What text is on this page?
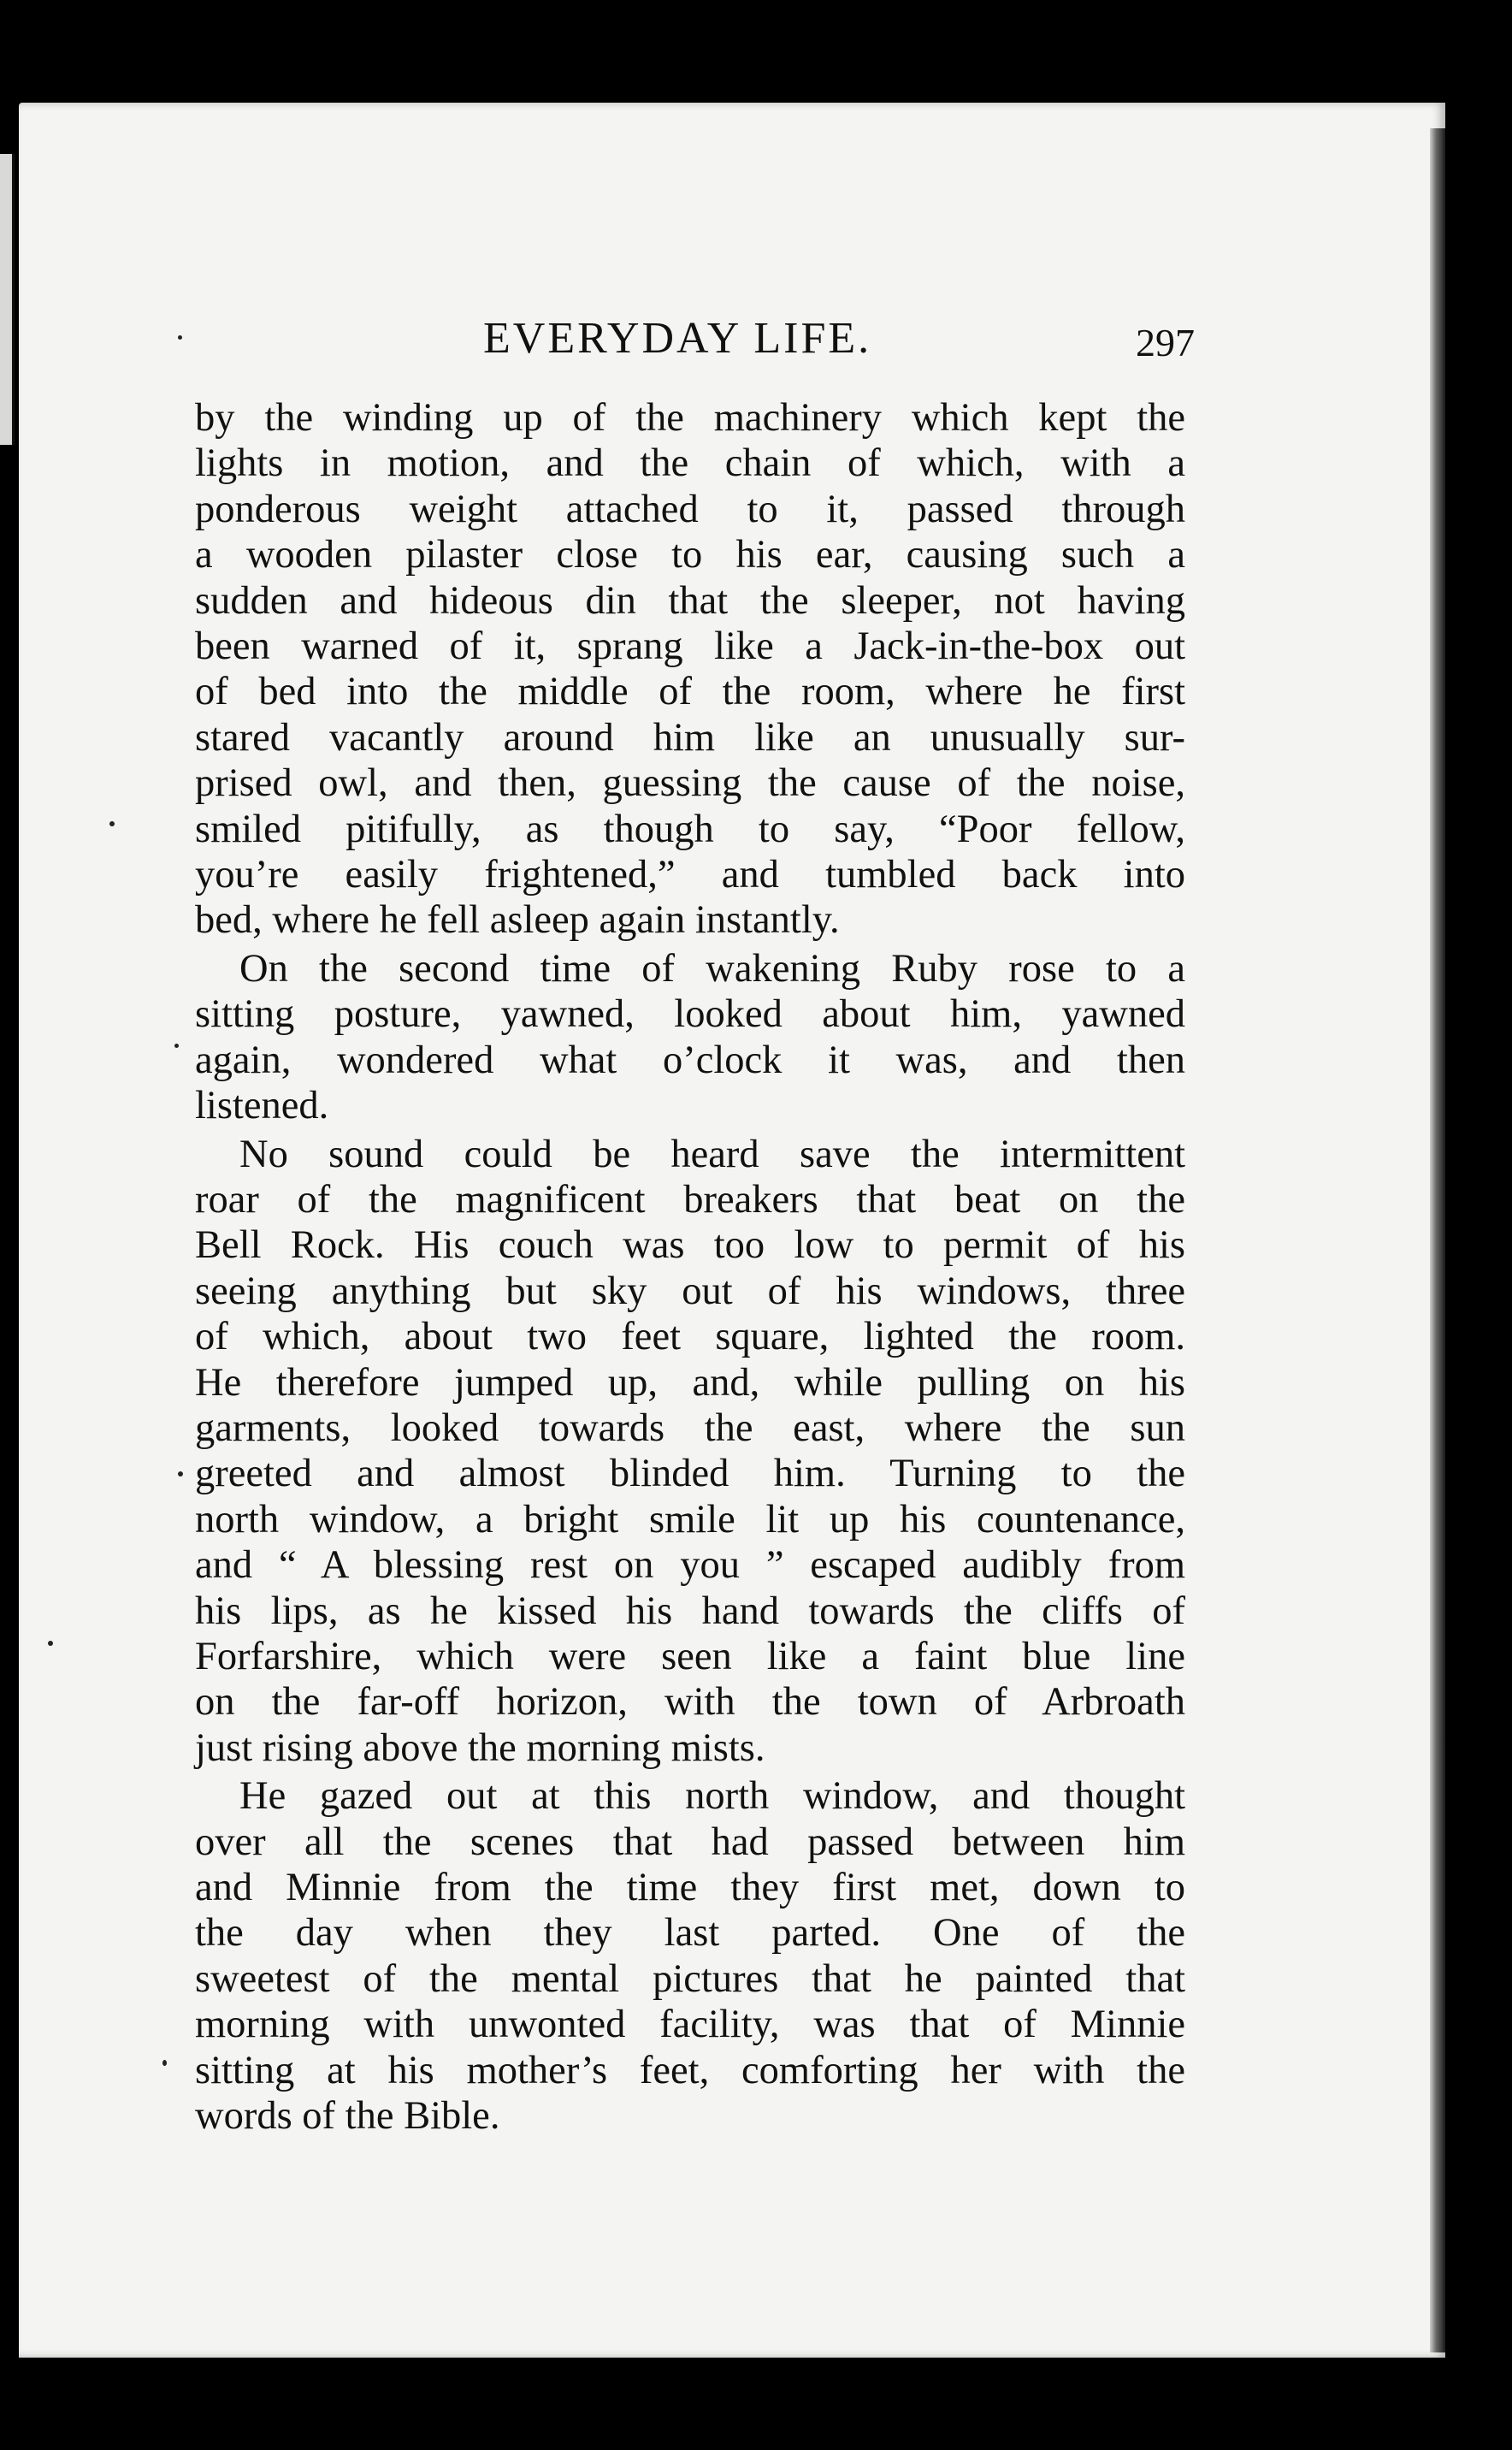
EVERYDAY LIFE.	297
by the winding up of the machinery which kept the
lights in motion, and the chain of which, with a
ponderous weight attached to it, passed through
a wooden pilaster close to his ear, causing such a
sudden and hideous din that the sleeper, not having
been warned of it, sprang like a Jack-in-the-box out
of bed into the middle of the room, where he first
stared vacantly around him like an unusually sur-
prised owl, and then, guessing the cause of the noise,
smiled pitifully, as though to say, “Poor fellow,
you’re easily frightened,” and tumbled back into
bed, where he fell asleep again instantly.
On the second time of wakening Ruby rose to a
sitting posture, yawned, looked about him, yawned
again, wondered what o’clock it was, and then
listened.
No sound could be heard save the intermittent
roar of the magnificent breakers that beat on the
Bell Rock. His couch was too low to permit of his
seeing anything but sky out of his windows, three
of which, about two feet square, lighted the room.
He therefore jumped up, and, while pulling on his
garments, looked towards the east, where the sun
greeted and almost blinded him. Turning to the
north window, a bright smile lit up his countenance,
and “ A blessing rest on you ” escaped audibly from
his lips, as he kissed his hand towards the cliffs of
Forfarshire, which were seen like a faint blue line
on the far-off horizon, with the town of Arbroath
just rising above the morning mists.
He gazed out at this north window, and thought
over all the scenes that had passed between him
and Minnie from the time they first met, down to
the day when they last parted. One of the
sweetest of the mental pictures that he painted that
morning with unwonted facility, was that of Minnie
sitting at his mother’s feet, comforting her with the
words of the Bible.
